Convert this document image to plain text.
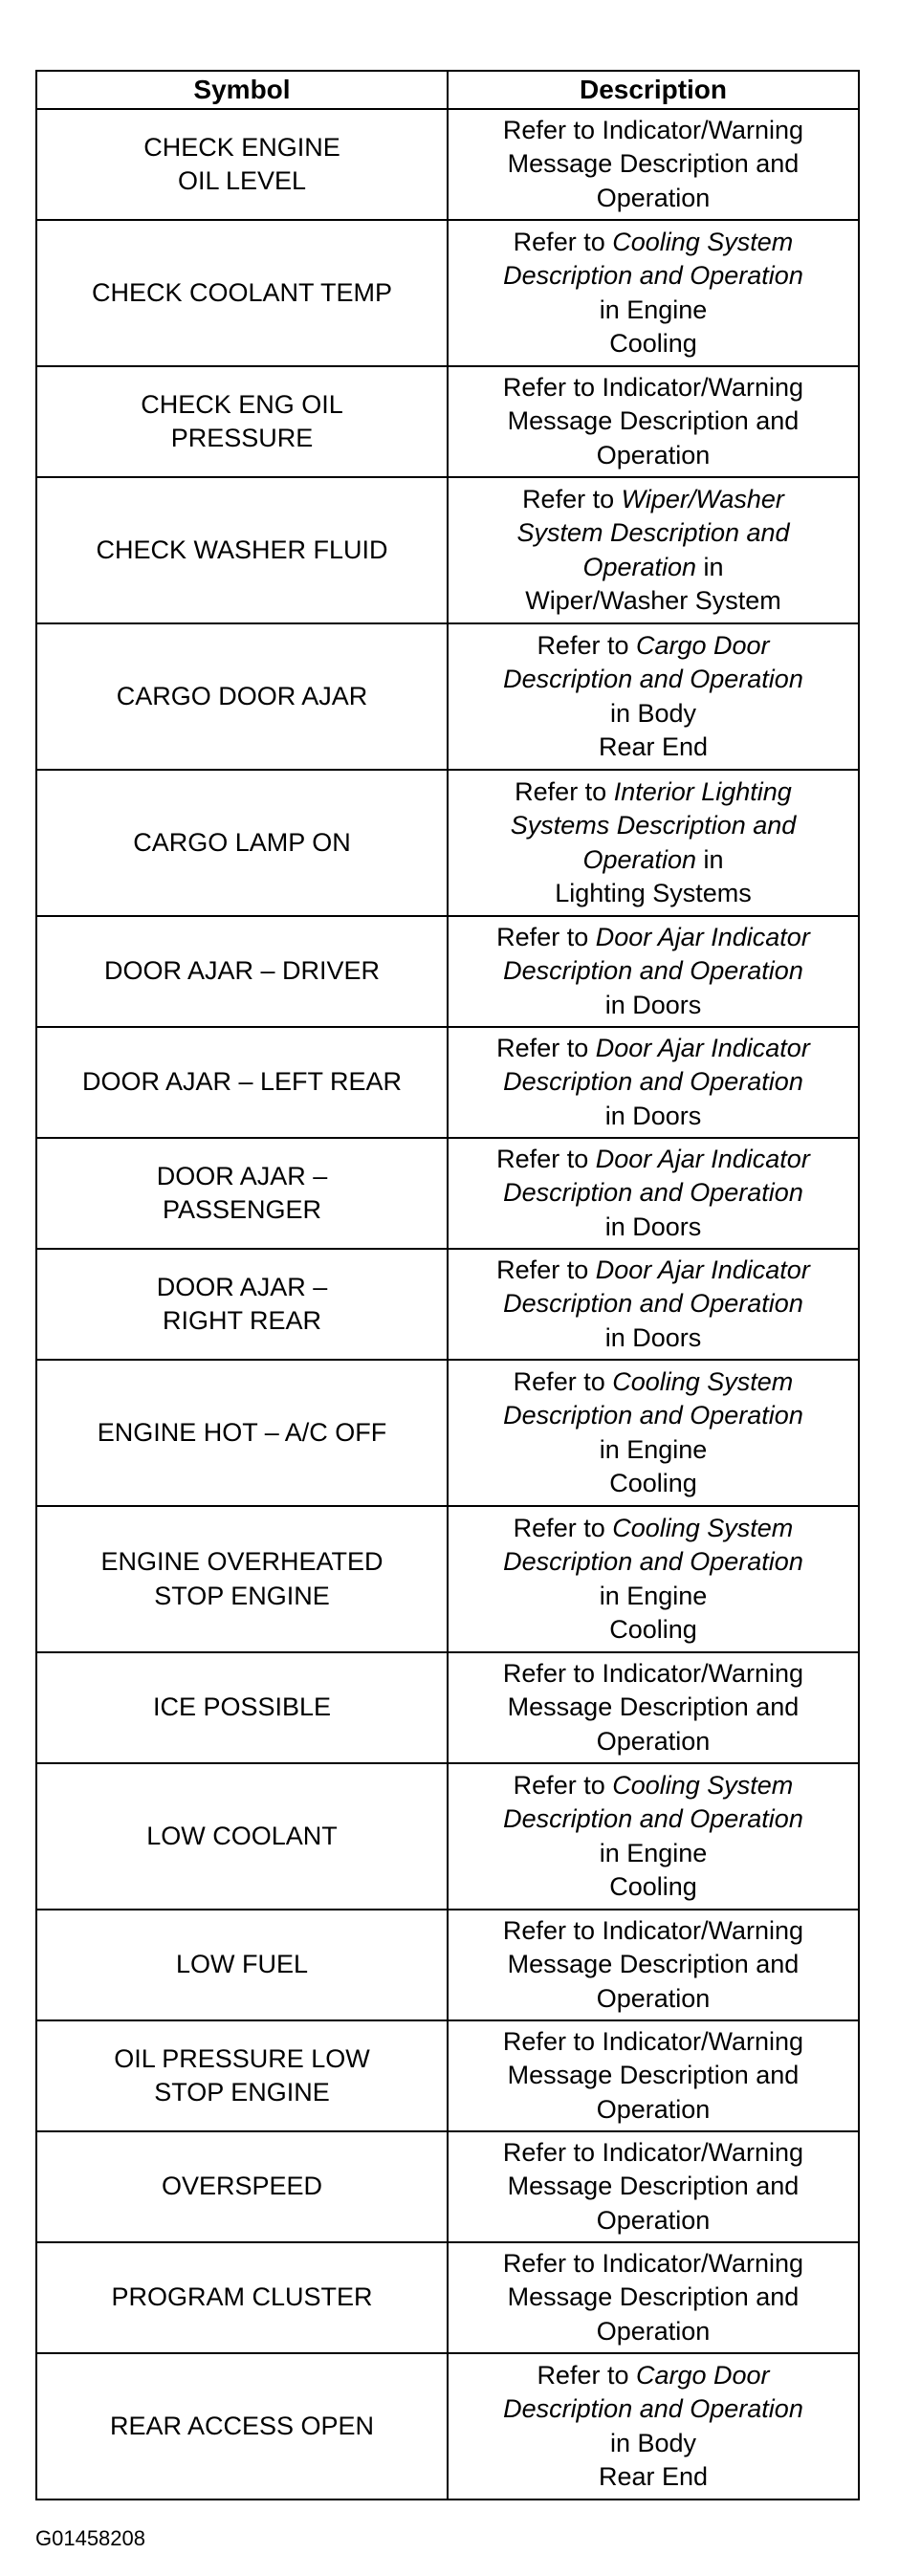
Symbol	Description

CHECK ENGINE
OIL LEVEL	Refer to Indicator/Warning
Message Description and
Operation

CHECK COOLANT TEMP	Refer to Cooling System
Description and Operation
in Engine
Cooling

CHECK ENG OIL
PRESSURE	Refer to Indicator/Warning
Message Description and
Operation

CHECK WASHER FLUID	Refer to Wiper/Washer
System Description and
Operation in
Wiper/Washer System

CARGO DOOR AJAR	Refer to Cargo Door
Description and Operation
in Body
Rear End

CARGO LAMP ON	Refer to Interior Lighting
Systems Description and
Operation in
Lighting Systems

DOOR AJAR – DRIVER	Refer to Door Ajar Indicator
Description and Operation
in Doors

DOOR AJAR – LEFT REAR	Refer to Door Ajar Indicator
Description and Operation
in Doors

DOOR AJAR –
PASSENGER	Refer to Door Ajar Indicator
Description and Operation
in Doors

DOOR AJAR –
RIGHT REAR	Refer to Door Ajar Indicator
Description and Operation
in Doors

ENGINE HOT – A/C OFF	Refer to Cooling System
Description and Operation
in Engine
Cooling

ENGINE OVERHEATED
STOP ENGINE	Refer to Cooling System
Description and Operation
in Engine
Cooling

ICE POSSIBLE	Refer to Indicator/Warning
Message Description and
Operation

LOW COOLANT	Refer to Cooling System
Description and Operation
in Engine
Cooling

LOW FUEL	Refer to Indicator/Warning
Message Description and
Operation

OIL PRESSURE LOW
STOP ENGINE	Refer to Indicator/Warning
Message Description and
Operation

OVERSPEED	Refer to Indicator/Warning
Message Description and
Operation

PROGRAM CLUSTER	Refer to Indicator/Warning
Message Description and
Operation

REAR ACCESS OPEN	Refer to Cargo Door
Description and Operation
in Body
Rear End
G01458208
